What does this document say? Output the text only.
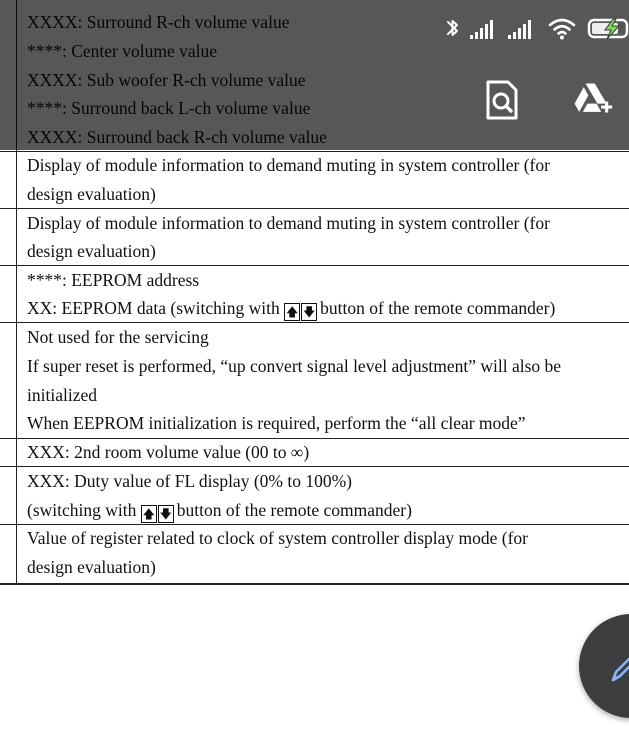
Display of module information to demand muting in system controller (for
design evaluation)
Display of module information to demand muting in system controller (for
design evaluation)
****: EEPROM address
XX: EEPROM data (switching with 🡅 🡇 button of the remote commander)
Not used for the servicing
If super reset is performed, “up convert signal level adjustment” will also be
initialized
When EEPROM initialization is required, perform the “all clear mode”
XXX: 2nd room volume value (00 to ∞)
XXX: Duty value of FL display (0% to 100%)
(switching with 🡅 🡇 button of the remote commander)
Value of register related to clock of system controller display mode (for
design evaluation)
